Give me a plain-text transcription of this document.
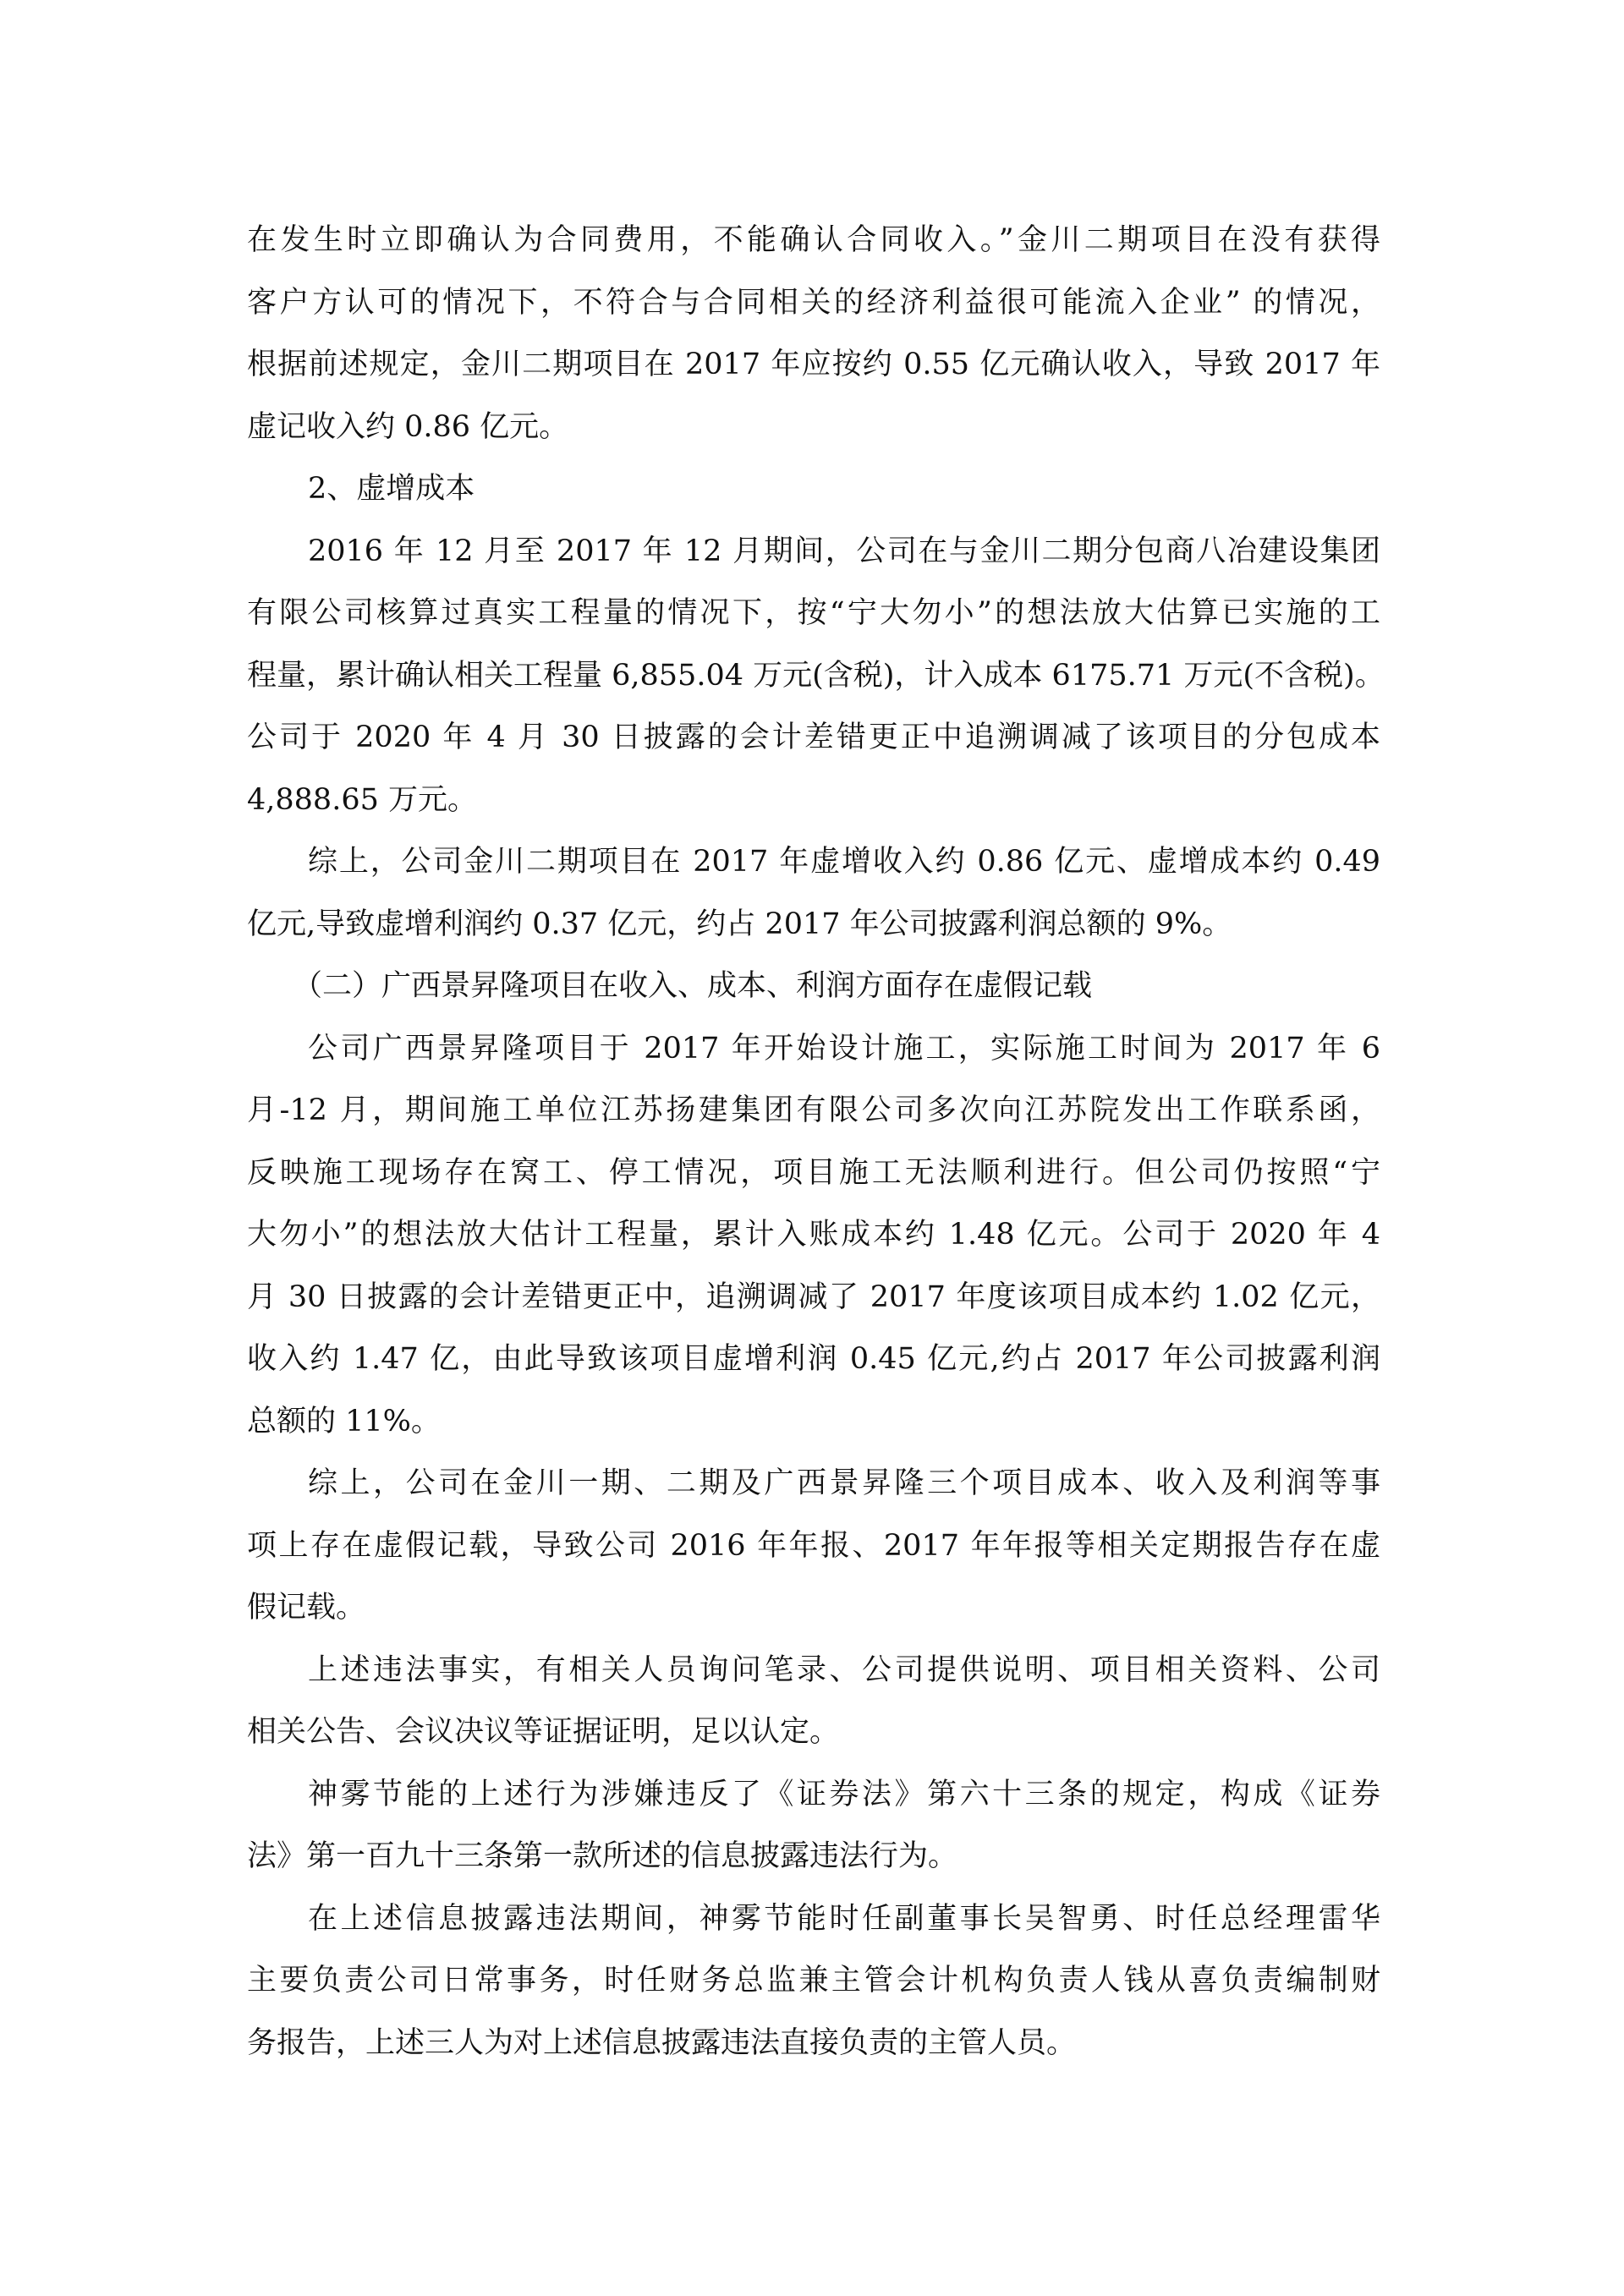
在发生时立即确认为合同费用，不能确认合同收入。”金川二期项目在没有获得
客户方认可的情况下，不符合与合同相关的经济利益很可能流入企业” 的情况，
根据前述规定，金川二期项目在 2017 年应按约 0.55 亿元确认收入，导致 2017 年
虚记收入约 0.86 亿元。

2、虚增成本

2016 年 12 月至 2017 年 12 月期间，公司在与金川二期分包商八冶建设集团
有限公司核算过真实工程量的情况下，按“宁大勿小”的想法放大估算已实施的工
程量，累计确认相关工程量 6,855.04 万元(含税)，计入成本 6175.71 万元(不含税)。
公司于 2020 年 4 月 30 日披露的会计差错更正中追溯调减了该项目的分包成本
4,888.65 万元。

综上，公司金川二期项目在 2017 年虚增收入约 0.86 亿元、虚增成本约 0.49
亿元,导致虚增利润约 0.37 亿元，约占 2017 年公司披露利润总额的 9%。

（二）广西景昇隆项目在收入、成本、利润方面存在虚假记载

公司广西景昇隆项目于 2017 年开始设计施工，实际施工时间为 2017 年 6
月-12 月，期间施工单位江苏扬建集团有限公司多次向江苏院发出工作联系函，
反映施工现场存在窝工、停工情况，项目施工无法顺利进行。但公司仍按照“宁
大勿小”的想法放大估计工程量，累计入账成本约 1.48 亿元。公司于 2020 年 4
月 30 日披露的会计差错更正中，追溯调减了 2017 年度该项目成本约 1.02 亿元，
收入约 1.47 亿，由此导致该项目虚增利润 0.45 亿元,约占 2017 年公司披露利润
总额的 11%。

综上，公司在金川一期、二期及广西景昇隆三个项目成本、收入及利润等事
项上存在虚假记载，导致公司 2016 年年报、2017 年年报等相关定期报告存在虚
假记载。

上述违法事实，有相关人员询问笔录、公司提供说明、项目相关资料、公司
相关公告、会议决议等证据证明，足以认定。

神雾节能的上述行为涉嫌违反了《证券法》第六十三条的规定，构成《证券
法》第一百九十三条第一款所述的信息披露违法行为。

在上述信息披露违法期间，神雾节能时任副董事长吴智勇、时任总经理雷华
主要负责公司日常事务，时任财务总监兼主管会计机构负责人钱从喜负责编制财
务报告，上述三人为对上述信息披露违法直接负责的主管人员。
